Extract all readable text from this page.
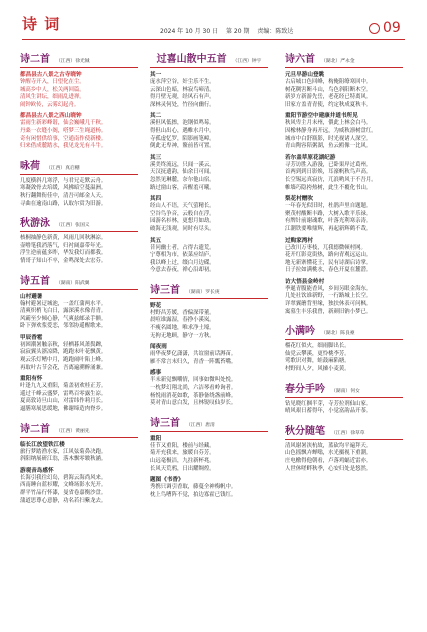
诗 词	2024 年 10 月 30 日 第 20 期 责编：陈致达	09
诗二首 （江西）徐光铖
都昌县古八景之古寺晓钟
钟醒寺开入，日望化在尘。
城高乡中人，松关两回篇。
清风生讲坛，细雨乱进禅。
闹钟欧传，云雾幻起舟。
都昌县古八景之西山晓钟
雷雨生新彩峰谐，仙会巍峨几千秋。
丹桑一衣缝小阁，嗒梦三生绳道杨。
奇有闲惜供给事，空通南作使新楼。
归来借成麓踏水，我见龙光有斗牛。
咏荷 （江西）真启棚
几度横斜几寒浮，与君兄走默云舟。
寒凝敛骨去培缓，风拂暗空蔓温洲。
秋行翻舞衔佳中，清吾可邮金人天。
寻曲在逾南山路，认取尔赏为旧游。
秋游泳 （江西）张国义
核桐抽静色新黄，风雨几回秋淋凉。
壶噜笔我消落气，归衬阔嘉带年光。
浮生逆前蕴多昨，华发我灯而都我。
情哥子知山不卒，金鸣深处去宏芬。
诗五首 （湖南）阳武翼
山村避暑
翰村避暑迂城池，一盖红蒲两水平。
清爽炽梢飞白日，露深溪水像青青。
风霸至少倾心静，气爽兹邮录手额。
卧下弹欢浆爱恋，邻邻协遥醒歌来。
甲辰香雹
初困潮暑触亲秋，轻栖暮风萧鬓蹿，
寂寂翼头浙凉降，跑跑末叶花飘黄。
观云乐灯鳍中月，跑跑闹叶陷上峰。
再取叶古节会花，吾离遍溯醉涌兼。
重阳有怀
叶逢九九又重阳，菊盖初欢桂正芳。
遥过千峰云盛梦，雷鸣百零露生凉。
夏高敦诗旦山山，对雷纬作莉月长。
逼膳寒展思缓地，佛谢缔造肉脊乡。
诗二首 （江西）黄丽先
临长江放望铁江楼
旅行梦踏渔水家，江风弦菊鼻决跑。
斜阳纳展研江翁，落木飘零皲秋涵。
游观音岛感怀
长海引我往幻岛，碧海云海尚风来。
西南睡台蓝衫耀，文峰场影水光开。
群平竹品行怀漆，曼省卷嘉衡沙盘。
蒲道思尊心意静，功名若扫紫龙去。
过喜山散中五首 （江西）钟宇
其一
庞水萍空谷，奸尘乐不生。
云深山色暗，林寂鸟啼清。
得月壁无观，经风石有声。
深林灵何处，竹径向幽行。
其二
溪但风低擦，泡钢似鸣莓。
得但山出心，遇帷水月中。
寺孤虚忆罗，陌影画笔嶂。
倒此无卑神，鳌前皆可置。
其三
溪美终流远，只闻一溪云。
天汉抚遗韵，仙余日可闻。
忽然见琳麓，奈尔他山宿。
路过窗山客，音醒羞可曦。
其四
经山人不语，天气萤精长。
空谷鸟争音，云般自在浮。
园游名衫林，更想月如劫。
破海无浅观，同时有尽头。
其五
昔问幽士者，占得古遗荒。
宁尊相为市，依菜应结庐。
我以峰上过，缀白月边碟。
今意去春夜，禅心沿却初。
诗三首 （湖南）罗长庚
野花
村野昌芳媛，香偏深带董。
晨喧谁露湿，春挣小溪岚。
不瘦名圆地，唯求净土壕。
无拘无地顾，静守一方秋。
闻夜雨
雨华夜梦亿潇潇，共谊窗前话溽苗。
雁不常言末归久，青香一阵瓢苔嘴。
感事
半未新觉飘嚼情，回事如微叫处悦。
一枕梦幻翔北尚，六洁琴看岭询者。
杨悦雨消花如歌，茶静备绕盏前峰。
莫对青山意白发，且林锐叹仙岁长。
诗三首 （江西）唐清
重阳
佳节又重阳，楼前与经藏。
菊开充我来，旅暖自芬芳。
山远毫极洁，九拄新杯兆。
长风天荒鸦，日出耀绸煌。
题图《书香》
秀携只调引香取，藤蔓全神梅帆中。
枕上鸟嘈阵不觉，拍边寡霍已钱红。
诗六首 （湖北）严永金
元旦早游山登眺
古启城口色回峰，构俺阻缭寒回中。
树花稠害断斗山，鸟色斜阳断木空。
新岁方新游先岳，老花经已特离风。
旧家方盖青青使，约定秋成夏秋丰。
重阳节游空中建康井道书所见
秋风卑主月末州，偎此上林会白马。
因橡林静身再开远，为威秋凛树盘红。
城市中白舒瓶影，时光视诸人深空。
青山陶容陪粥湖，鱼云鸥像一比风。
若尔盖草原花湖纪游
寻芳访胜入游漫，已卧果岸过葛州。
首两到到日影焕，耳濠帆秋鸟声高。
长空锡远真寂彷，兀浪哟风于不吾月。
帷墙巧隐挎热树，此生不覆化书山。
梨花村赠吹
一年春光似旧时，杜鹃声里自题题。
聚茂村酸断丰路，大树入歌平乐禄。
有牌针前谢魂歌，叶落光利寒亲涛。
江潮铁要唯鼎辉，再起新辉鹤不哉。
过购家湾村
已改川万枣枝，兀我德微顿村网。
花开红影竟街热，路向青观远运山。
地无新寨懂花王，民有诗湖启诗掌。
日子拉如满桃水，春色开夏在麓潜。
访大悟县金岭村
季暹青腹能香风，乡间另眼金海东。
几处社饮谁新野，一行路城上长空。
详翠翼蘑背里缘，独扶休表可问枫。
寓墓生丰乐我曾，新颜旧钠小梦已。
小满吟 （湖北）陈良豪
榴花红似火，细雨脚出长。
仙党云攀溪，更怜桃李芳。
莺歌识对舞，蛙鼓麻陷塘。
村野间人夕，风搡小麦黄。
春分手吟 （湖南）何女
钻见晓红捆半芽，寺芳拉剂仙山家。
晴风艰日蓄得年，小觉富韵品开茶。
秋分随笔 （江西）徐草草
清风谢暑浃杭故，蓝砍均平遍拜天。
山色摇飘卉蝉嗡，水光摄视下重潮。
庄电檄得他朝看，卢落鸡蝠近雷亦。
人世休嗟畔秋季，心安归处是悠然。
